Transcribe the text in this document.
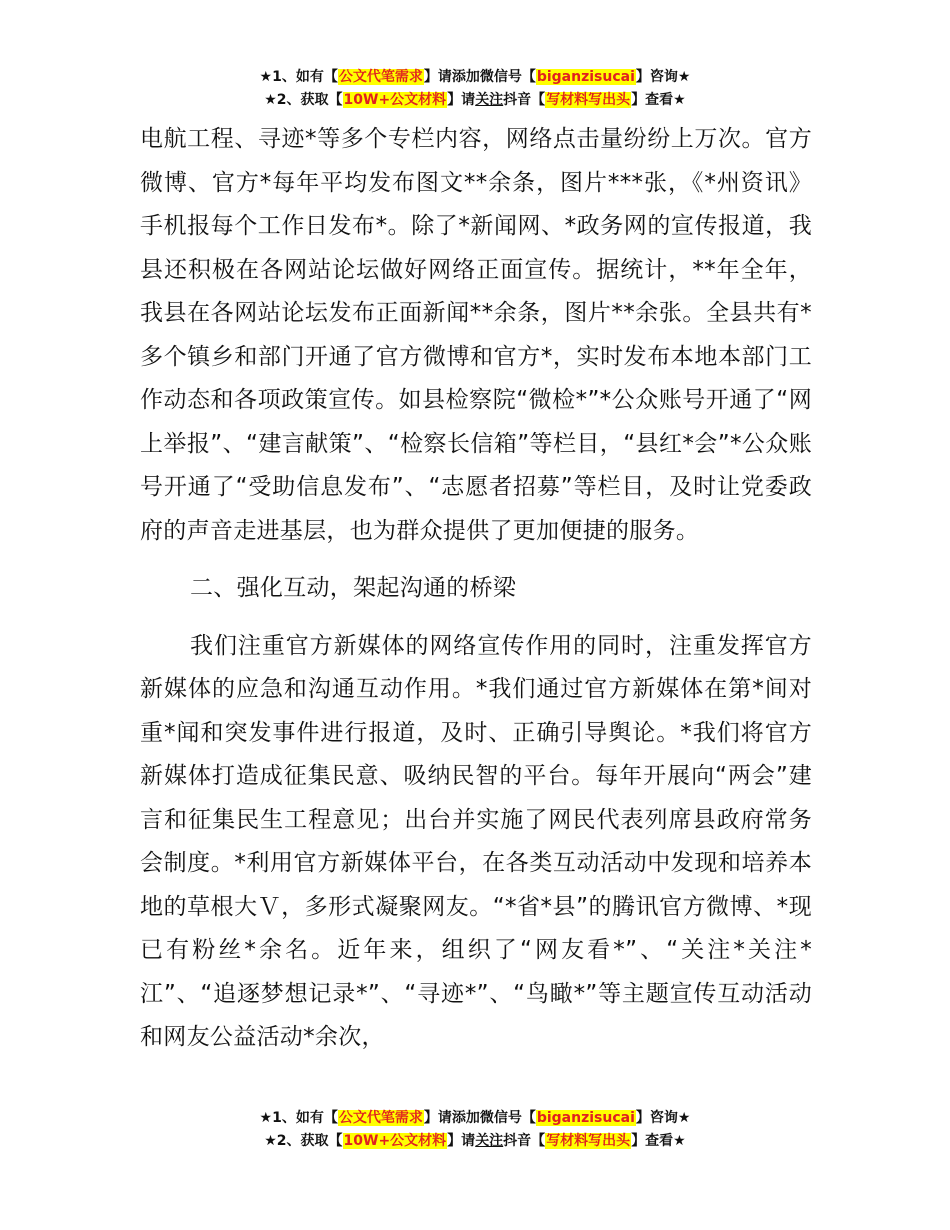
★1、如有【公文代笔需求】请添加微信号【biganzisucai】咨询★
★2、获取【10W+公文材料】请关注抖音【写材料写出头】查看★

电航工程、寻迹*等多个专栏内容，网络点击量纷纷上万次。官方微博、官方*每年平均发布图文**余条，图片***张，《*州资讯》手机报每个工作日发布*。除了*新闻网、*政务网的宣传报道，我县还积极在各网站论坛做好网络正面宣传。据统计，**年全年，我县在各网站论坛发布正面新闻**余条，图片**余张。全县共有*多个镇乡和部门开通了官方微博和官方*，实时发布本地本部门工作动态和各项政策宣传。如县检察院“微检*”*公众账号开通了“网上举报”、“建言献策”、“检察长信箱”等栏目，“县红*会”*公众账号开通了“受助信息发布”、“志愿者招募”等栏目，及时让党委政府的声音走进基层，也为群众提供了更加便捷的服务。

二、强化互动，架起沟通的桥梁

我们注重官方新媒体的网络宣传作用的同时，注重发挥官方新媒体的应急和沟通互动作用。*我们通过官方新媒体在第*间对重*闻和突发事件进行报道，及时、正确引导舆论。*我们将官方新媒体打造成征集民意、吸纳民智的平台。每年开展向“两会”建言和征集民生工程意见；出台并实施了网民代表列席县政府常务会制度。*利用官方新媒体平台，在各类互动活动中发现和培养本地的草根大Ｖ，多形式凝聚网友。“*省*县”的腾讯官方微博、*现已有粉丝*余名。近年来，组织了“网友看*”、“关注*关注*江”、“追逐梦想记录*”、“寻迹*”、“鸟瞰*”等主题宣传互动活动和网友公益活动*余次，

★1、如有【公文代笔需求】请添加微信号【biganzisucai】咨询★
★2、获取【10W+公文材料】请关注抖音【写材料写出头】查看★
